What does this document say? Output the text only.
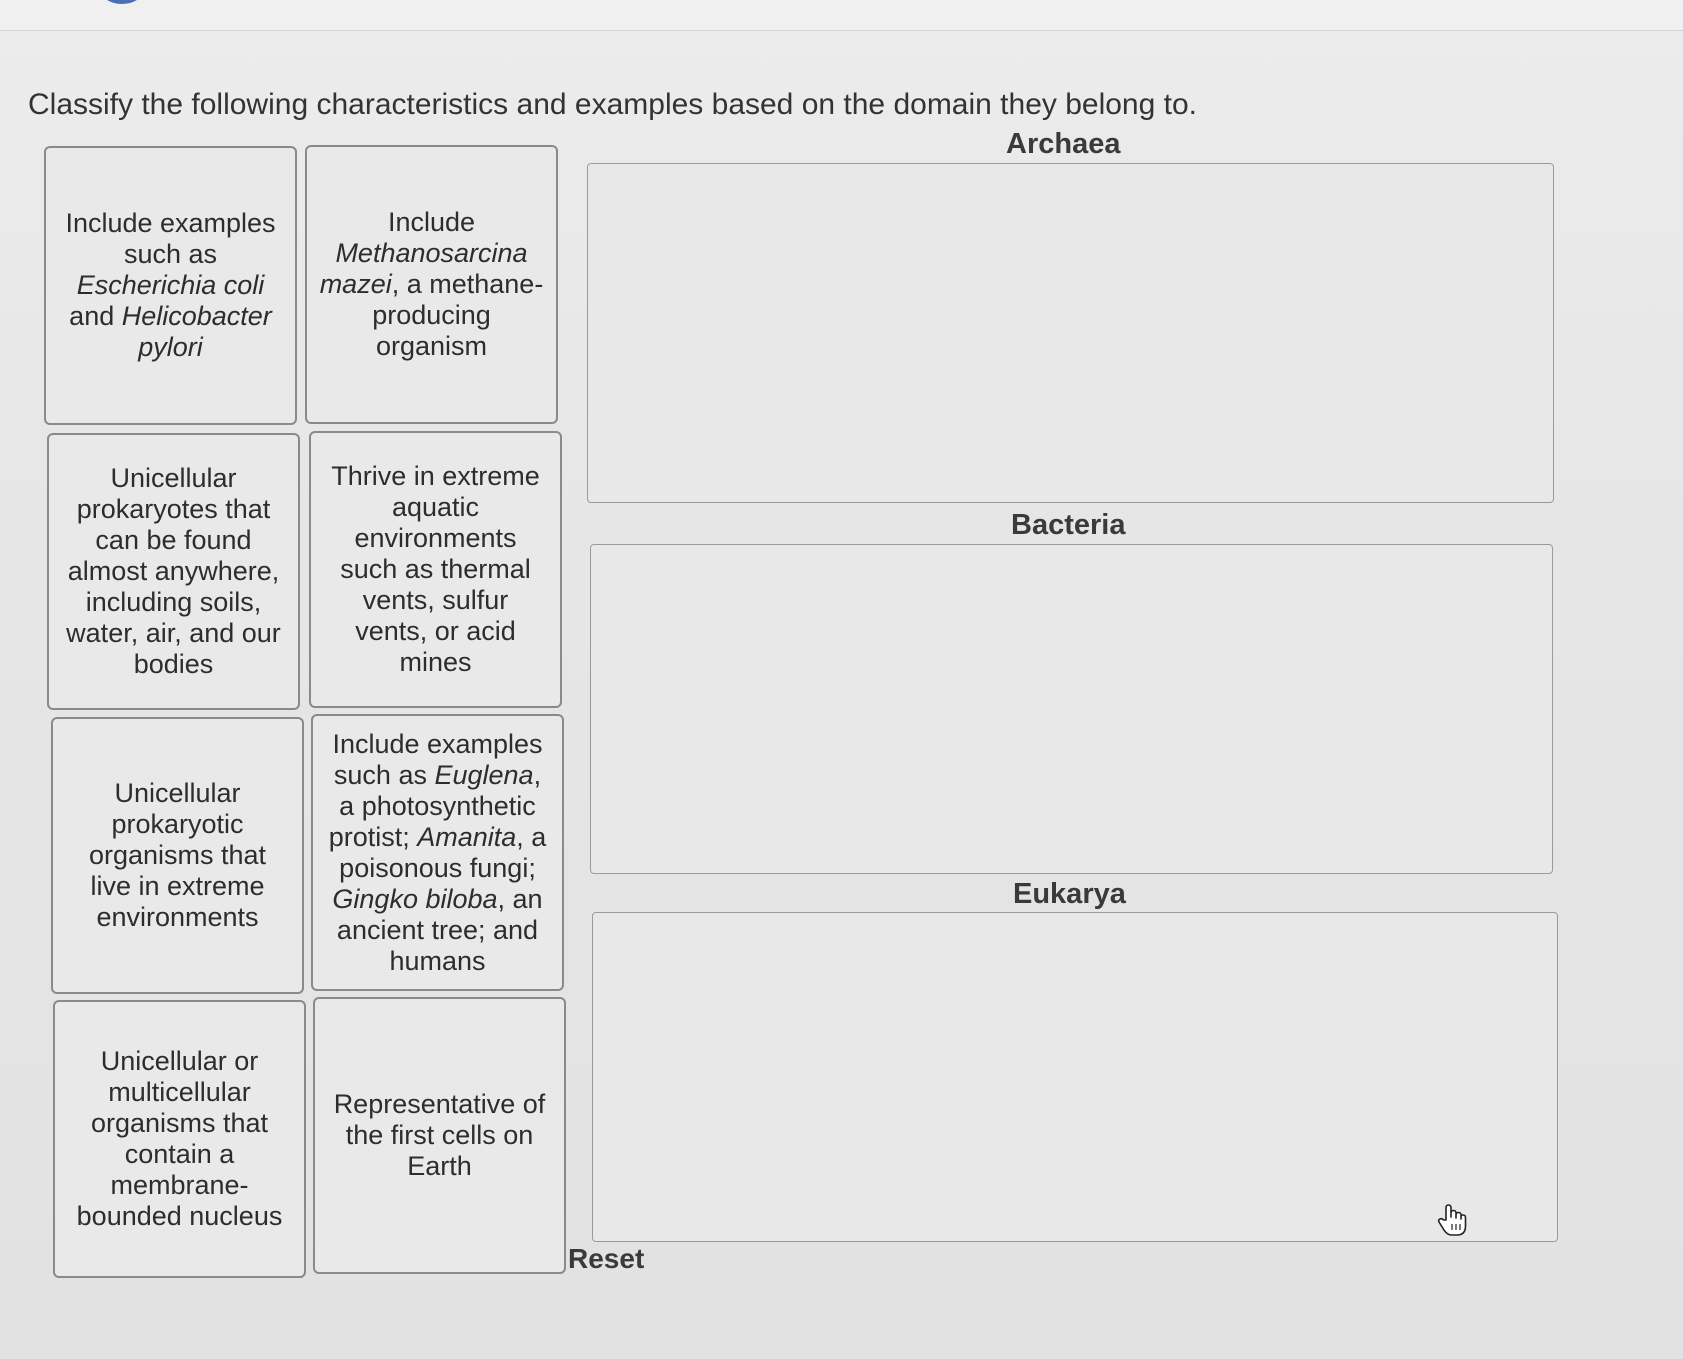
Classify the following characteristics and examples based on the domain they belong to.
Include examples such as Escherichia coli and Helicobacter pylori
Include Methanosarcina mazei, a methane-producing organism
Unicellular prokaryotes that can be found almost anywhere, including soils, water, air, and our bodies
Thrive in extreme aquatic environments such as thermal vents, sulfur vents, or acid mines
Unicellular prokaryotic organisms that live in extreme environments
Include examples such as Euglena, a photosynthetic protist; Amanita, a poisonous fungi; Gingko biloba, an ancient tree; and humans
Unicellular or multicellular organisms that contain a membrane-bounded nucleus
Representative of the first cells on Earth
Archaea
Bacteria
Eukarya
Reset
